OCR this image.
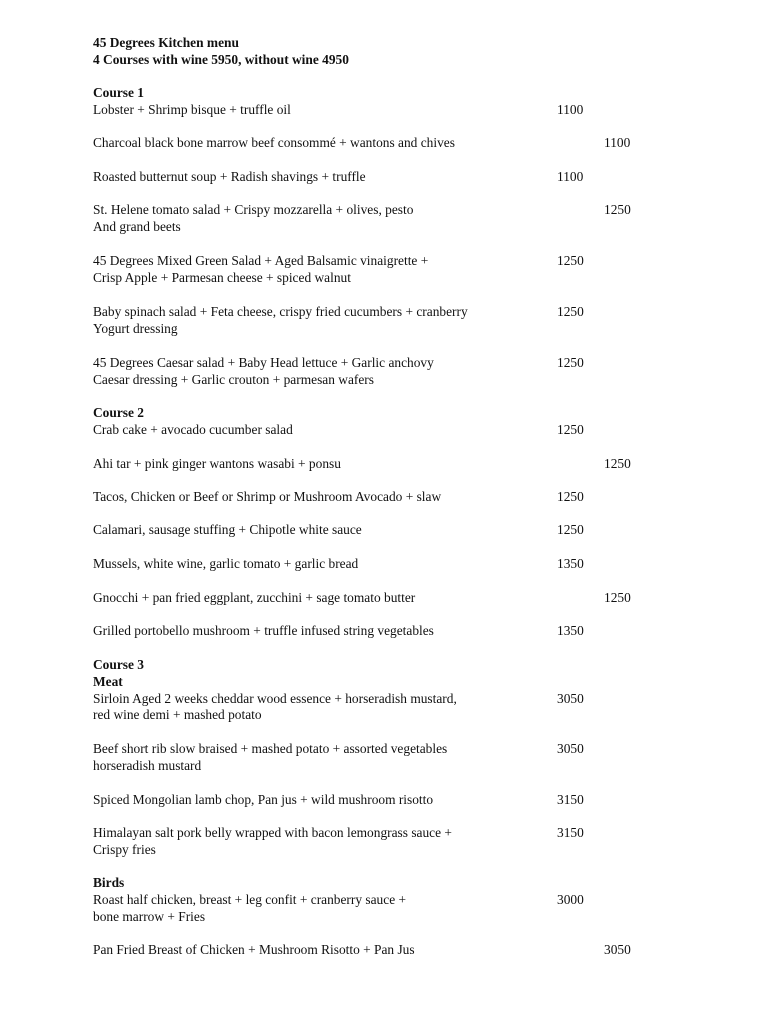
45 Degrees Kitchen menu
4 Courses with wine 5950, without wine 4950
Course 1
Lobster + Shrimp bisque + truffle oil	1100
Charcoal black bone marrow beef consommé + wantons and chives	1100
Roasted butternut soup + Radish shavings + truffle	1100
St. Helene tomato salad + Crispy mozzarella + olives, pesto
And grand beets
1250
45 Degrees Mixed Green Salad + Aged Balsamic vinaigrette +
Crisp Apple + Parmesan cheese + spiced walnut
1250
Baby spinach salad + Feta cheese, crispy fried cucumbers + cranberry
Yogurt dressing
1250
45 Degrees Caesar salad + Baby Head lettuce + Garlic anchovy
Caesar dressing + Garlic crouton + parmesan wafers
1250
Course 2
Crab cake + avocado cucumber salad	1250
Ahi tar + pink ginger wantons wasabi + ponsu	1250
Tacos, Chicken or Beef or Shrimp or Mushroom Avocado + slaw	1250
Calamari, sausage stuffing + Chipotle white sauce	1250
Mussels, white wine, garlic tomato + garlic bread	1350
Gnocchi + pan fried eggplant, zucchini + sage tomato butter	1250
Grilled portobello mushroom + truffle infused string vegetables	1350
Course 3
Meat
Sirloin Aged 2 weeks cheddar wood essence + horseradish mustard,
red wine demi + mashed potato
3050
Beef short rib slow braised + mashed potato + assorted vegetables
horseradish mustard
3050
Spiced Mongolian lamb chop, Pan jus + wild mushroom risotto	3150
Himalayan salt pork belly wrapped with bacon lemongrass sauce +
Crispy fries
3150
Birds
Roast half chicken, breast + leg confit + cranberry sauce +
bone marrow + Fries
3000
Pan Fried Breast of Chicken + Mushroom Risotto + Pan Jus	3050
